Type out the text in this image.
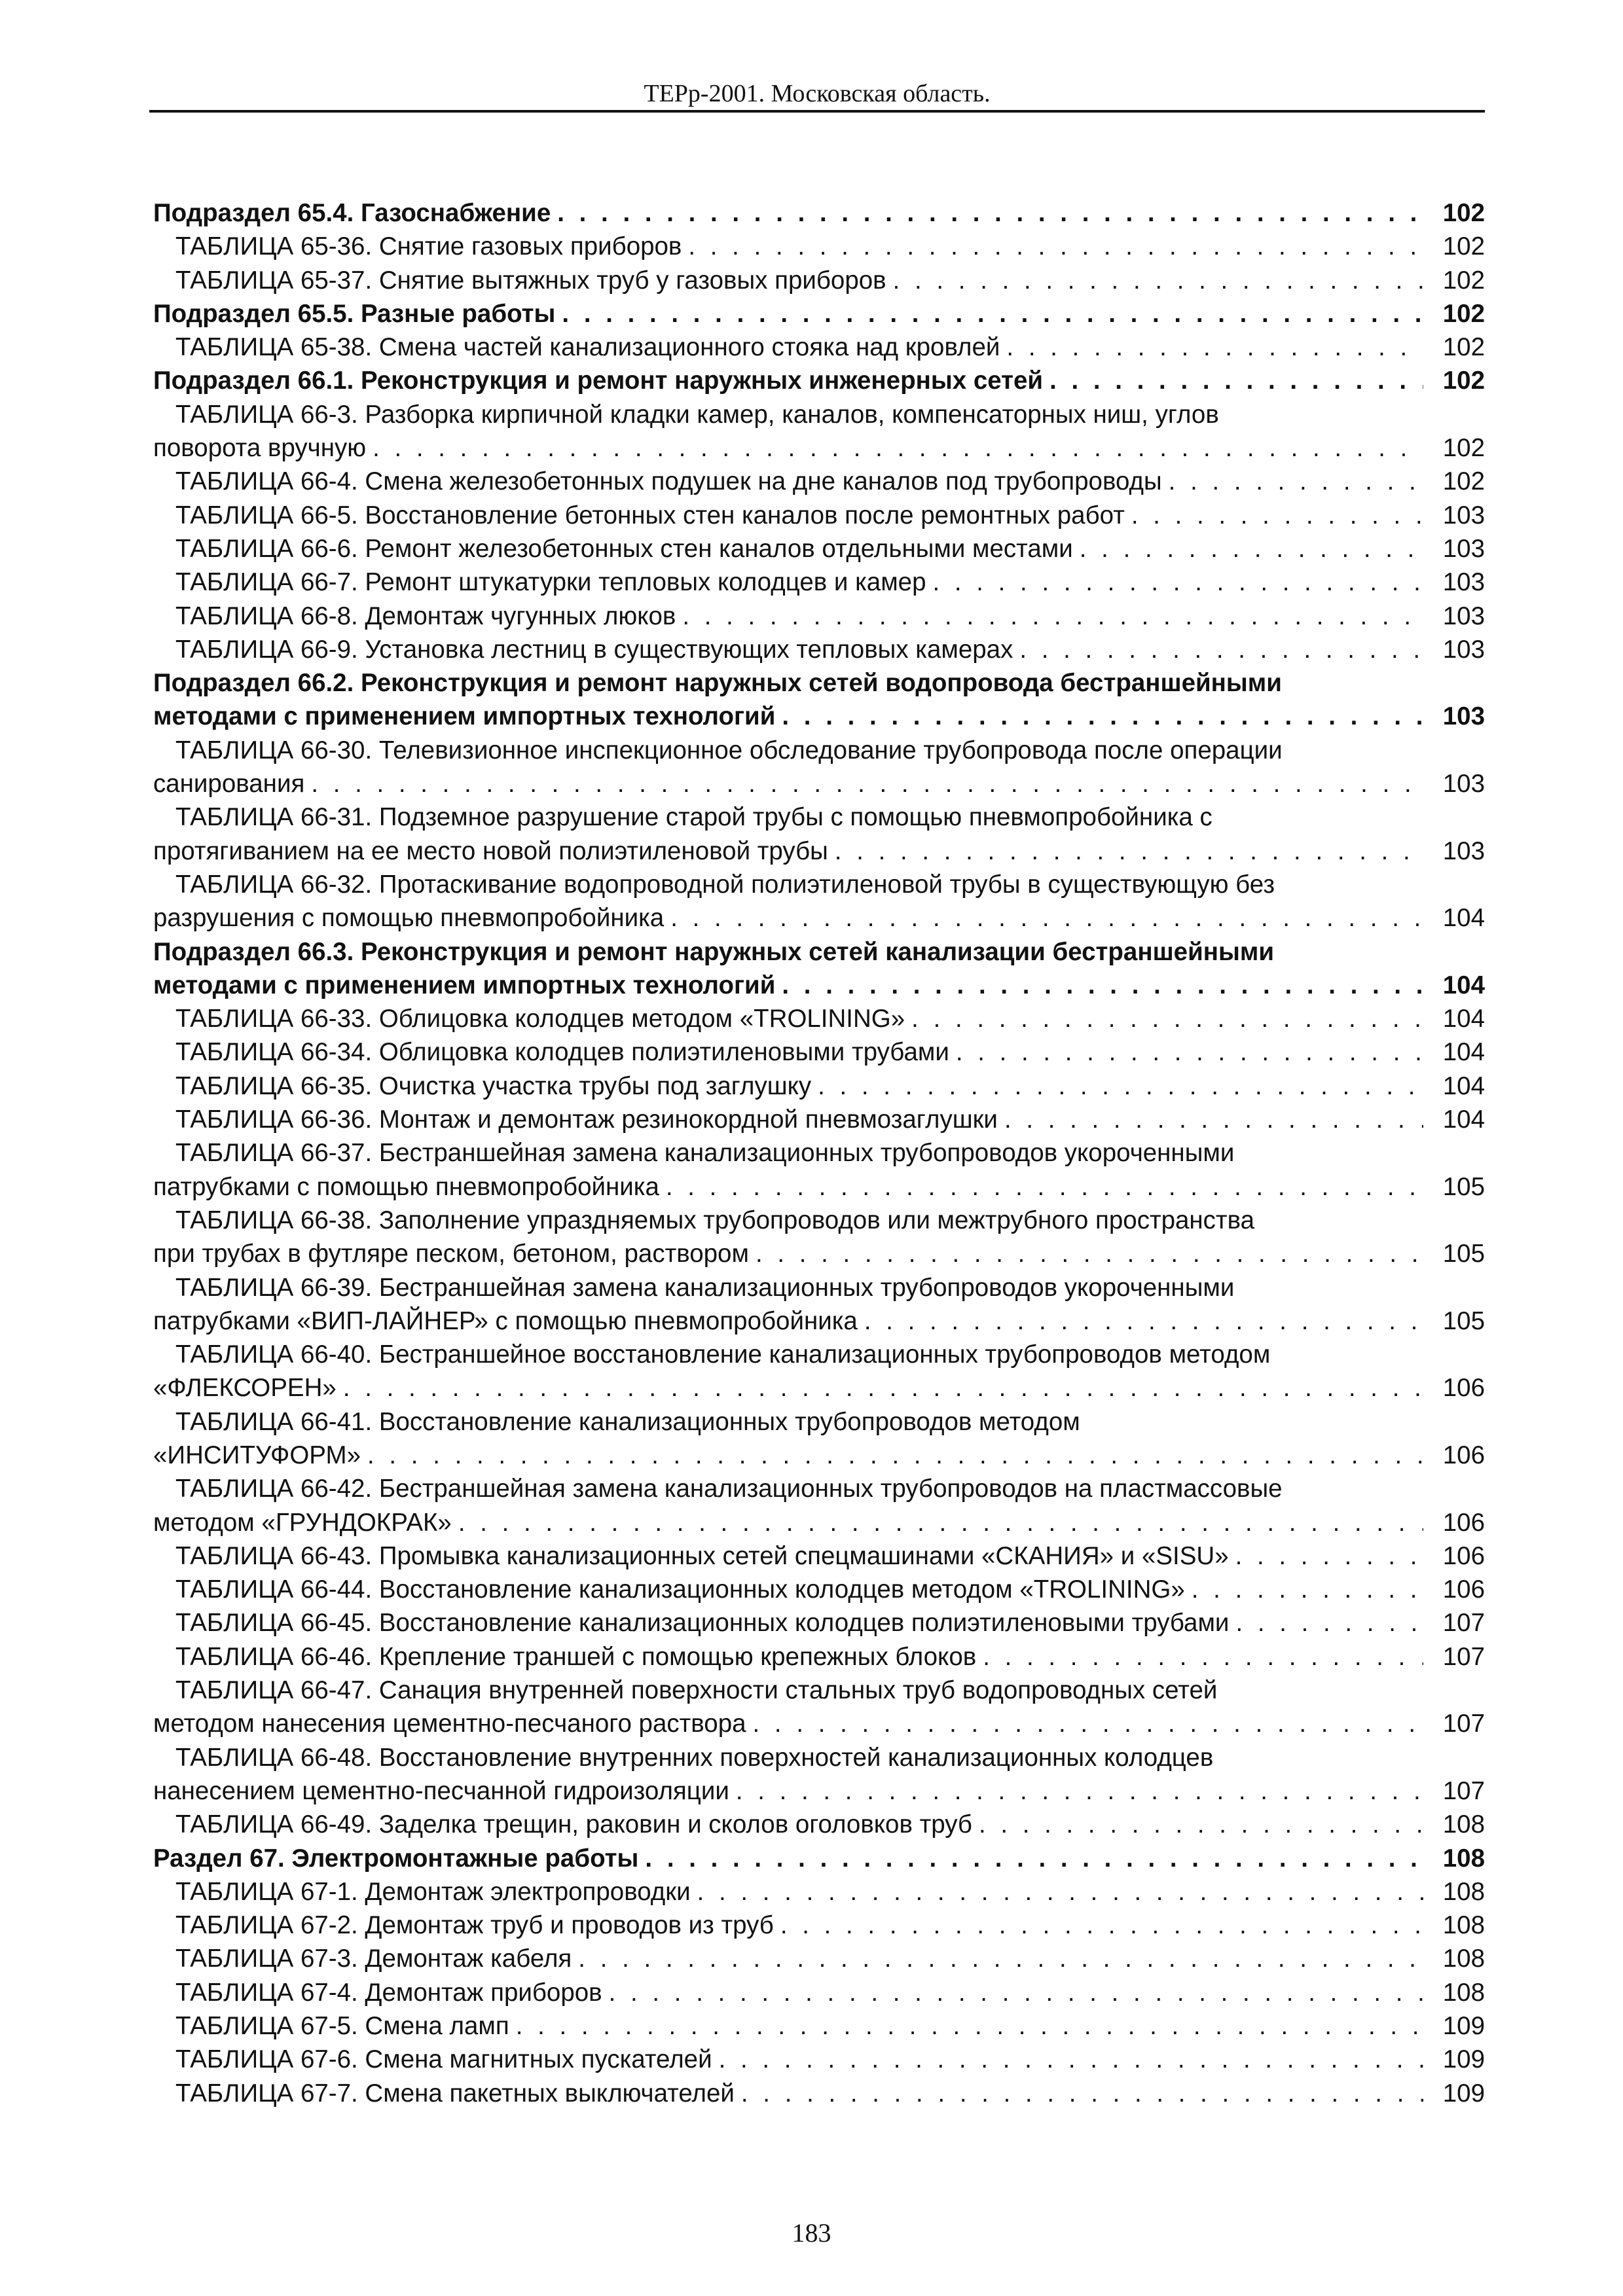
ТЕРр-2001. Московская область.
Подраздел 65.4. Газоснабжение . . .	102
ТАБЛИЦА 65-36. Снятие газовых приборов . . .	102
ТАБЛИЦА 65-37. Снятие вытяжных труб у газовых приборов . . .	102
Подраздел 65.5. Разные работы . . .	102
ТАБЛИЦА 65-38. Смена частей канализационного стояка над кровлей . . .	102
Подраздел 66.1. Реконструкция и ремонт наружных инженерных сетей . . .	102
ТАБЛИЦА 66-3. Разборка кирпичной кладки камер, каналов, компенсаторных ниш, углов
поворота вручную . . .	102
ТАБЛИЦА 66-4. Смена железобетонных подушек на дне каналов под трубопроводы . . .	102
ТАБЛИЦА 66-5. Восстановление бетонных стен каналов после ремонтных работ . . .	103
ТАБЛИЦА 66-6. Ремонт железобетонных стен каналов отдельными местами . . .	103
ТАБЛИЦА 66-7. Ремонт штукатурки тепловых колодцев и камер . . .	103
ТАБЛИЦА 66-8. Демонтаж чугунных люков . . .	103
ТАБЛИЦА 66-9. Установка лестниц в существующих тепловых камерах . . .	103
Подраздел 66.2. Реконструкция и ремонт наружных сетей водопровода бестраншейными
методами с применением импортных технологий . . .	103
ТАБЛИЦА 66-30. Телевизионное инспекционное обследование трубопровода после операции
санирования . . .	103
ТАБЛИЦА 66-31. Подземное разрушение старой трубы с помощью пневмопробойника с
протягиванием на ее место новой полиэтиленовой трубы . . .	103
ТАБЛИЦА 66-32. Протаскивание водопроводной полиэтиленовой трубы в существующую без
разрушения с помощью пневмопробойника . . .	104
Подраздел 66.3. Реконструкция и ремонт наружных сетей канализации бестраншейными
методами с применением импортных технологий . . .	104
ТАБЛИЦА 66-33. Облицовка колодцев методом «TROLINING» . . .	104
ТАБЛИЦА 66-34. Облицовка колодцев полиэтиленовыми трубами . . .	104
ТАБЛИЦА 66-35. Очистка участка трубы под заглушку . . .	104
ТАБЛИЦА 66-36. Монтаж и демонтаж резинокордной пневмозаглушки . . .	104
ТАБЛИЦА 66-37. Бестраншейная замена канализационных трубопроводов укороченными
патрубками с помощью пневмопробойника . . .	105
ТАБЛИЦА 66-38. Заполнение упраздняемых трубопроводов или межтрубного пространства
при трубах в футляре песком, бетоном, раствором . . .	105
ТАБЛИЦА 66-39. Бестраншейная замена канализационных трубопроводов укороченными
патрубками «ВИП-ЛАЙНЕР» с помощью пневмопробойника . . .	105
ТАБЛИЦА 66-40. Бестраншейное восстановление канализационных трубопроводов методом
«ФЛЕКСОРЕН» . . .	106
ТАБЛИЦА 66-41. Восстановление канализационных трубопроводов методом
«ИНСИТУФОРМ» . . .	106
ТАБЛИЦА 66-42. Бестраншейная замена канализационных трубопроводов на пластмассовые
методом «ГРУНДОКРАК» . . .	106
ТАБЛИЦА 66-43. Промывка канализационных сетей спецмашинами «СКАНИЯ» и «SISU» . . .	106
ТАБЛИЦА 66-44. Восстановление канализационных колодцев методом «TROLINING» . . .	106
ТАБЛИЦА 66-45. Восстановление канализационных колодцев полиэтиленовыми трубами . . .	107
ТАБЛИЦА 66-46. Крепление траншей с помощью крепежных блоков . . .	107
ТАБЛИЦА 66-47. Санация внутренней поверхности стальных труб водопроводных сетей
методом нанесения цементно-песчаного раствора . . .	107
ТАБЛИЦА 66-48. Восстановление внутренних поверхностей канализационных колодцев
нанесением цементно-песчанной гидроизоляции . . .	107
ТАБЛИЦА 66-49. Заделка трещин, раковин и сколов оголовков труб . . .	108
Раздел 67. Электромонтажные работы . . .	108
ТАБЛИЦА 67-1. Демонтаж электропроводки . . .	108
ТАБЛИЦА 67-2. Демонтаж труб и проводов из труб . . .	108
ТАБЛИЦА 67-3. Демонтаж кабеля . . .	108
ТАБЛИЦА 67-4. Демонтаж приборов . . .	108
ТАБЛИЦА 67-5. Смена ламп . . .	109
ТАБЛИЦА 67-6. Смена магнитных пускателей . . .	109
ТАБЛИЦА 67-7. Смена пакетных выключателей . . .	109
183
